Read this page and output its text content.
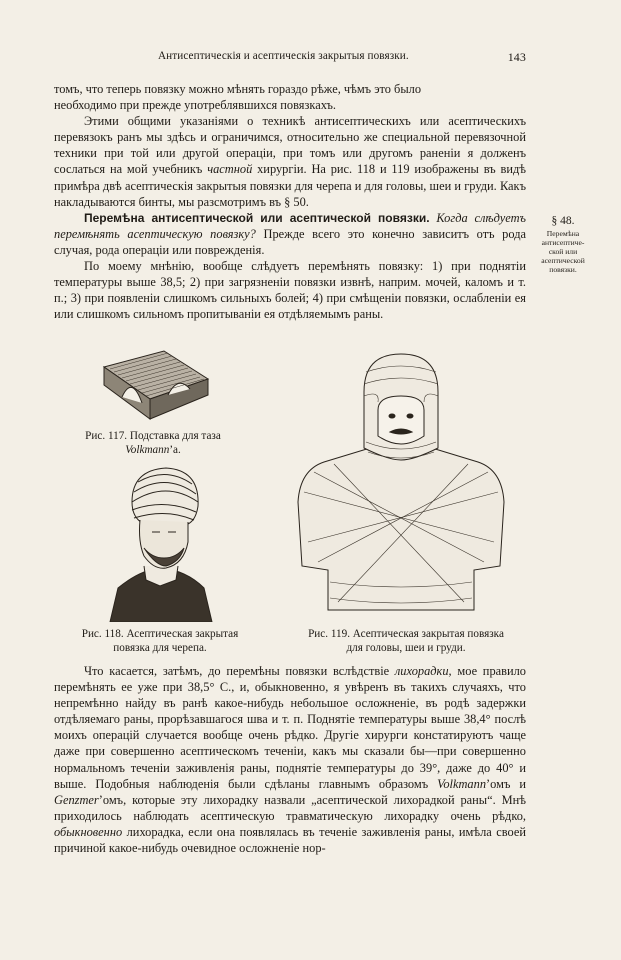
Антисептическія и асептическія закрытыя повязки.	143

томъ, что теперь повязку можно мѣнять гораздо рѣже, чѣмъ это было

необходимо при прежде употреблявшихся повязкахъ.

Этими общими указаніями о техникѣ антисептическихъ или асептическихъ перевязокъ ранъ мы здѣсь и ограничимся, относительно же специальной перевязочной техники при той или другой операціи, при томъ или другомъ раненіи я долженъ сослаться на мой учебникъ частной хирургіи. На рис. 118 и 119 изображены въ видѣ примѣра двѣ асептическія закрытыя повязки для черепа и для головы, шеи и груди. Какъ накладываются бинты, мы разсмотримъ въ § 50.

Перемѣна антисептической или асептической повязки. Когда слѣдуетъ перемѣнять асептическую повязку? Прежде всего это конечно зависитъ отъ рода случая, рода операціи или поврежденія.

По моему мнѣнію, вообще слѣдуетъ перемѣнять повязку: 1) при поднятіи температуры выше 38,5; 2) при загрязненіи повязки извнѣ, наприм. мочей, каломъ и т. п.; 3) при появленіи слишкомъ сильныхъ болей; 4) при смѣщеніи повязки, ослабленіи ея или слишкомъ сильномъ пропитываніи ея отдѣляемымъ раны.

§ 48.
Перемѣна
антисептиче-
ской или
асептической
повязки.
Рис. 117. Подставка для таза
Volkmann’а.
Рис. 118. Асептическая закрытая
повязка для черепа.
Рис. 119. Асептическая закрытая повязка
для головы, шеи и груди.

Что касается, затѣмъ, до перемѣны повязки вслѣдствіе лихорадки, мое правило перемѣнять ее уже при 38,5° С., и, обыкновенно, я увѣренъ въ такихъ случаяхъ, что непремѣнно найду въ ранѣ какое-нибудь небольшое осложненіе, въ родѣ задержки отдѣляемаго раны, прорѣзавшагося шва и т. п. Поднятіе температуры выше 38,4° послѣ моихъ операцій случается вообще очень рѣдко. Другіе хирурги констатируютъ чаще даже при совершенно асептическомъ теченіи, какъ мы сказали бы—при совершенно нормальномъ теченіи заживленія раны, поднятіе температуры до 39°, даже до 40° и выше. Подобныя наблюденія были сдѣланы главнымъ образомъ Volkmann’омъ и Genzmer’омъ, которые эту лихорадку назвали „асептической лихорадкой раны“. Мнѣ приходилось наблюдать асептическую травматическую лихорадку очень рѣдко, обыкновенно лихорадка, если она появлялась въ теченіе заживленія раны, имѣла своей причиной какое-нибудь очевидное осложненіе нор-
